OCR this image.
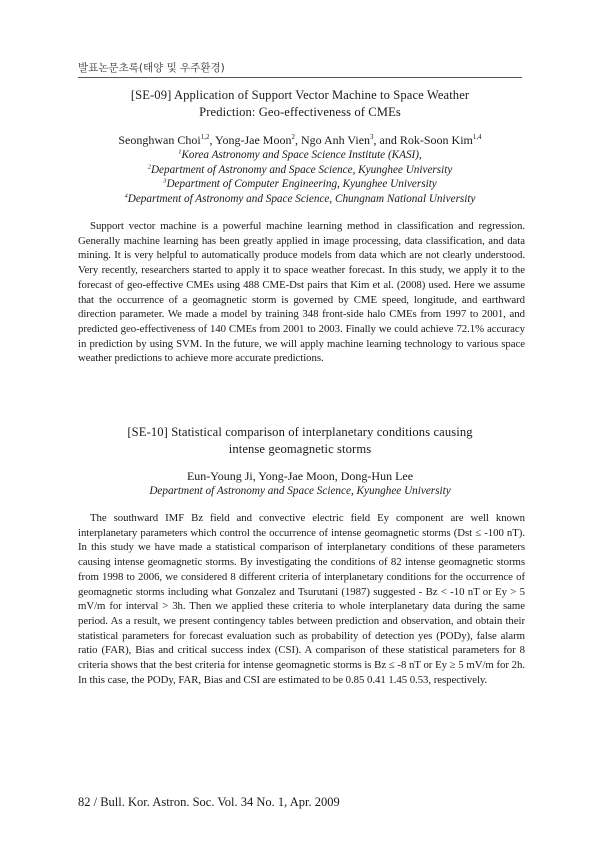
발표논문초록(태양 및 우주환경)
[SE-09] Application of Support Vector Machine to Space Weather
Prediction: Geo-effectiveness of CMEs
Seonghwan Choi$^{1,2}$, Yong-Jae Moon$^2$, Ngo Anh Vien$^3$, and Rok-Soon Kim$^{1,4}$
$^1$Korea Astronomy and Space Science Institute (KASI),
$^2$Department of Astronomy and Space Science, Kyunghee University
$^3$Department of Computer Engineering, Kyunghee University
$^4$Department of Astronomy and Space Science, Chungnam National University

Support vector machine is a powerful machine learning method in classification and regression. Generally machine learning has been greatly applied in image processing, data classification, and data mining. It is very helpful to automatically produce models from data which are not clearly understood. Very recently, researchers started to apply it to space weather forecast. In this study, we apply it to the forecast of geo-effective CMEs using 488 CME-Dst pairs that Kim et al. (2008) used. Here we assume that the occurrence of a geomagnetic storm is governed by CME speed, longitude, and earthward direction parameter. We made a model by training 348 front-side halo CMEs from 1997 to 2001, and predicted geo-effectiveness of 140 CMEs from 2001 to 2003. Finally we could achieve 72.1% accuracy in prediction by using SVM. In the future, we will apply machine learning technology to various space weather predictions to achieve more accurate predictions.

[SE-10] Statistical comparison of interplanetary conditions causing
intense geomagnetic storms
Eun-Young Ji, Yong-Jae Moon, Dong-Hun Lee
Department of Astronomy and Space Science, Kyunghee University

The southward IMF Bz field and convective electric field Ey component are well known interplanetary parameters which control the occurrence of intense geomagnetic storms (Dst ≤ -100 nT). In this study we have made a statistical comparison of interplanetary conditions of these parameters causing intense geomagnetic storms. By investigating the conditions of 82 intense geomagnetic storms from 1998 to 2006, we considered 8 different criteria of interplanetary conditions for the occurrence of geomagnetic storms including what Gonzalez and Tsurutani (1987) suggested - Bz < -10 nT or Ey > 5 mV/m for interval > 3h. Then we applied these criteria to whole interplanetary data during the same period. As a result, we present contingency tables between prediction and observation, and obtain their statistical parameters for forecast evaluation such as probability of detection yes (PODy), false alarm ratio (FAR), Bias and critical success index (CSI). A comparison of these statistical parameters for 8 criteria shows that the best criteria for intense geomagnetic storms is Bz ≤ -8 nT or Ey ≥ 5 mV/m for 2h. In this case, the PODy, FAR, Bias and CSI are estimated to be 0.85 0.41 1.45 0.53, respectively.

82 / Bull. Kor. Astron. Soc. Vol. 34 No. 1, Apr. 2009
